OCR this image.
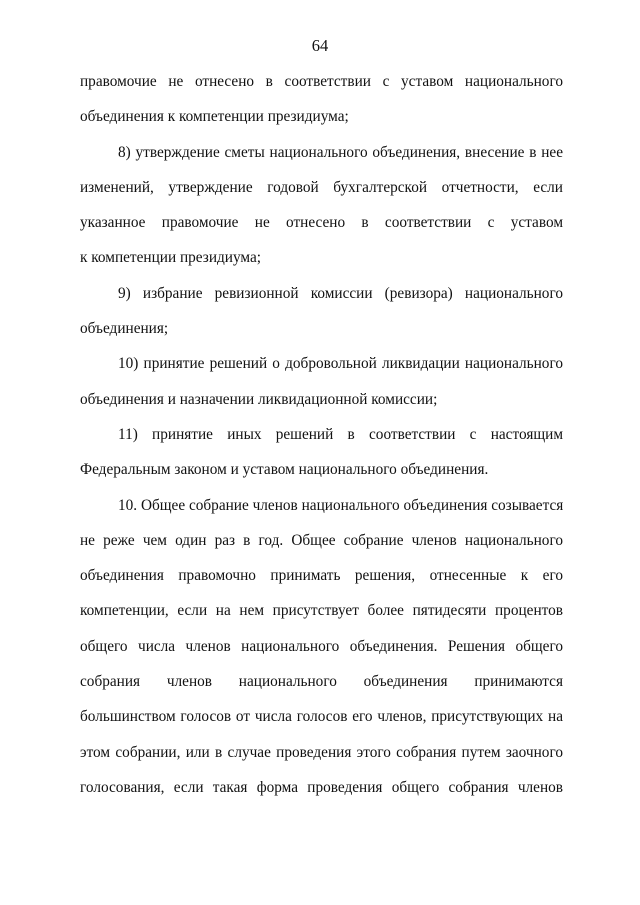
64
правомочие не отнесено в соответствии с уставом национального
объединения к компетенции президиума;
8) утверждение сметы национального объединения, внесение в нее
изменений, утверждение годовой бухгалтерской отчетности, если
указанное правомочие не отнесено в соответствии с уставом
к компетенции президиума;
9) избрание ревизионной комиссии (ревизора) национального
объединения;
10) принятие решений о добровольной ликвидации национального
объединения и назначении ликвидационной комиссии;
11) принятие иных решений в соответствии с настоящим
Федеральным законом и уставом национального объединения.
10. Общее собрание членов национального объединения созывается
не реже чем один раз в год. Общее собрание членов национального
объединения правомочно принимать решения, отнесенные к его
компетенции, если на нем присутствует более пятидесяти процентов
общего числа членов национального объединения. Решения общего
собрания членов национального объединения принимаются
большинством голосов от числа голосов его членов, присутствующих на
этом собрании, или в случае проведения этого собрания путем заочного
голосования, если такая форма проведения общего собрания членов
